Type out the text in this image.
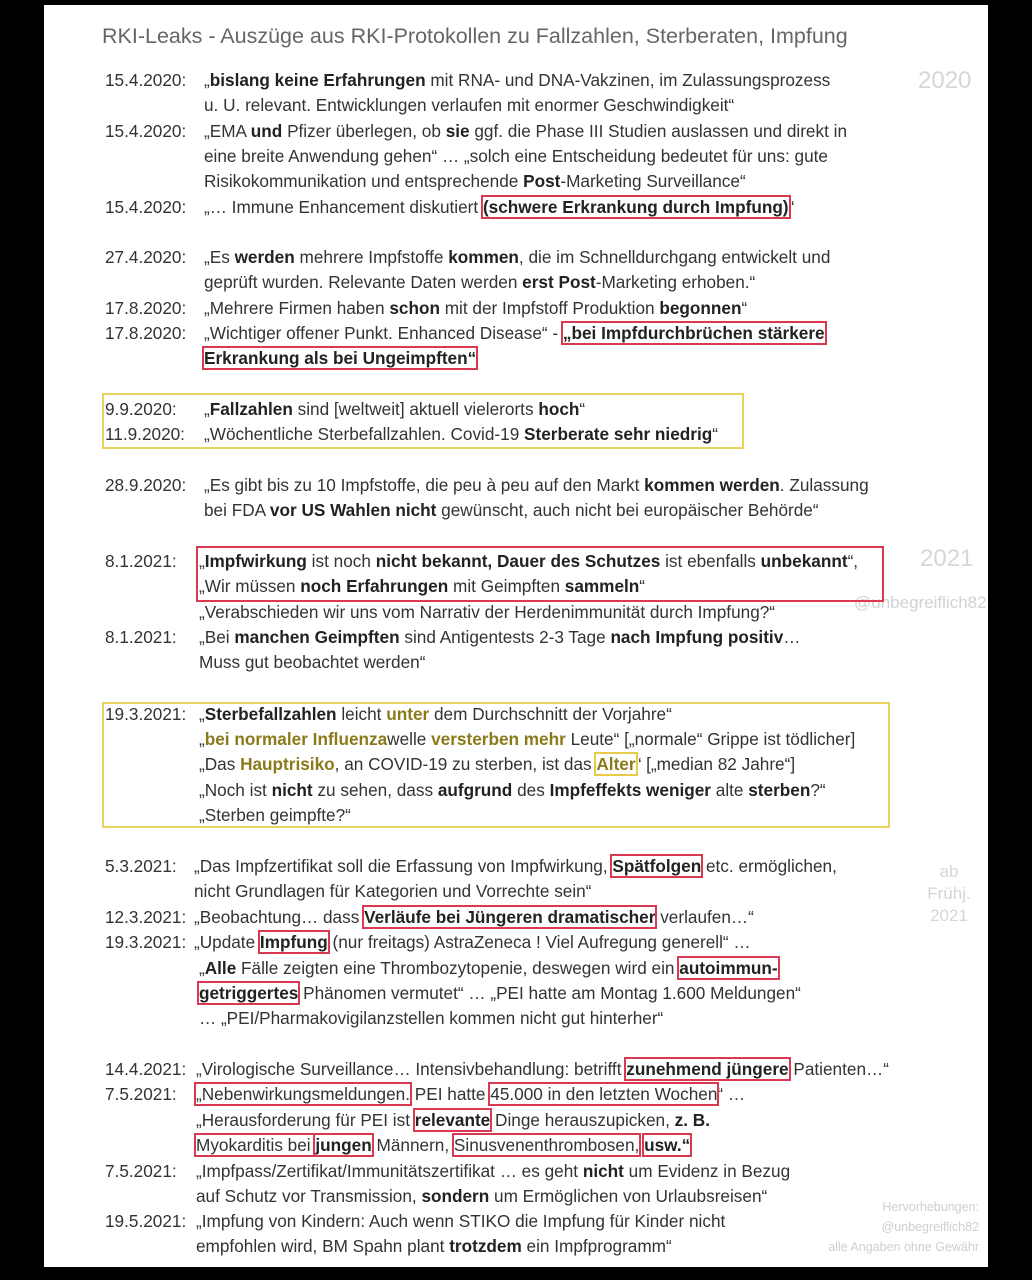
RKI-Leaks - Auszüge aus RKI-Protokollen zu Fallzahlen, Sterberaten, Impfung
2020
2021
@unbegreiflich82
ab
Frühj.
2021
Hervorhebungen:
@unbegreiflich82
alle Angaben ohne Gewähr
15.4.2020: „bislang keine Erfahrungen mit RNA- und DNA-Vakzinen, im Zulassungsprozess
u. U. relevant. Entwicklungen verlaufen mit enormer Geschwindigkeit“
15.4.2020: „EMA und Pfizer überlegen, ob sie ggf. die Phase III Studien auslassen und direkt in
eine breite Anwendung gehen“ … „solch eine Entscheidung bedeutet für uns: gute
Risikokommunikation und entsprechende Post-Marketing Surveillance“
15.4.2020: „… Immune Enhancement diskutiert (schwere Erkrankung durch Impfung)“
27.4.2020: „Es werden mehrere Impfstoffe kommen, die im Schnelldurchgang entwickelt und
geprüft wurden. Relevante Daten werden erst Post-Marketing erhoben.“
17.8.2020: „Mehrere Firmen haben schon mit der Impfstoff Produktion begonnen“
17.8.2020: „Wichtiger offener Punkt. Enhanced Disease“ - „bei Impfdurchbrüchen stärkere
Erkrankung als bei Ungeimpften“
9.9.2020: „Fallzahlen sind [weltweit] aktuell vielerorts hoch“
11.9.2020: „Wöchentliche Sterbefallzahlen. Covid-19 Sterberate sehr niedrig“
28.9.2020: „Es gibt bis zu 10 Impfstoffe, die peu à peu auf den Markt kommen werden. Zulassung
bei FDA vor US Wahlen nicht gewünscht, auch nicht bei europäischer Behörde“
8.1.2021: „Impfwirkung ist noch nicht bekannt, Dauer des Schutzes ist ebenfalls unbekannt“,
„Wir müssen noch Erfahrungen mit Geimpften sammeln“
„Verabschieden wir uns vom Narrativ der Herdenimmunität durch Impfung?“
8.1.2021: „Bei manchen Geimpften sind Antigentests 2-3 Tage nach Impfung positiv…
Muss gut beobachtet werden“
19.3.2021: „Sterbefallzahlen leicht unter dem Durchschnitt der Vorjahre“
„bei normaler Influenzawelle versterben mehr Leute“ [„normale“ Grippe ist tödlicher]
„Das Hauptrisiko, an COVID-19 zu sterben, ist das Alter“ [„median 82 Jahre“]
„Noch ist nicht zu sehen, dass aufgrund des Impfeffekts weniger alte sterben?“
„Sterben geimpfte?“
5.3.2021: „Das Impfzertifikat soll die Erfassung von Impfwirkung, Spätfolgen etc. ermöglichen,
nicht Grundlagen für Kategorien und Vorrechte sein“
12.3.2021: „Beobachtung… dass Verläufe bei Jüngeren dramatischer verlaufen…“
19.3.2021: „Update Impfung (nur freitags) AstraZeneca ! Viel Aufregung generell“ …
„Alle Fälle zeigten eine Thrombozytopenie, deswegen wird ein autoimmun-
getriggertes Phänomen vermutet“ … „PEI hatte am Montag 1.600 Meldungen“
… „PEI/Pharmakovigilanzstellen kommen nicht gut hinterher“
14.4.2021: „Virologische Surveillance… Intensivbehandlung: betrifft zunehmend jüngere Patienten…“
7.5.2021: „Nebenwirkungsmeldungen. PEI hatte 45.000 in den letzten Wochen“ …
„Herausforderung für PEI ist relevante Dinge herauszupicken, z. B.
Myokarditis bei jungen Männern, Sinusvenenthrombosen, usw.“
7.5.2021: „Impfpass/Zertifikat/Immunitätszertifikat … es geht nicht um Evidenz in Bezug
auf Schutz vor Transmission, sondern um Ermöglichen von Urlaubsreisen“
19.5.2021: „Impfung von Kindern: Auch wenn STIKO die Impfung für Kinder nicht
empfohlen wird, BM Spahn plant trotzdem ein Impfprogramm“
